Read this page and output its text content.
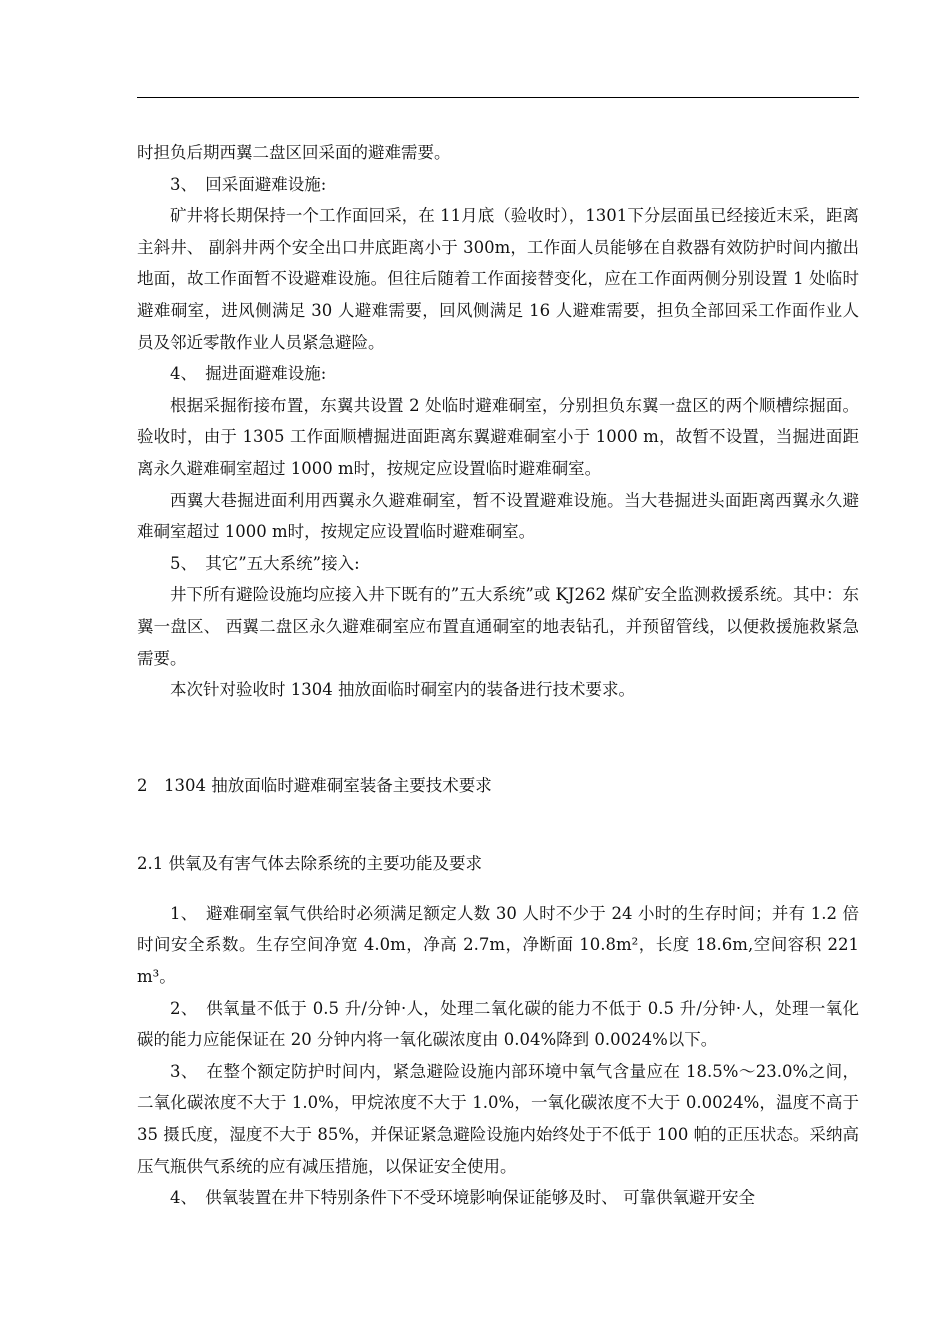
时担负后期西翼二盘区回采面的避难需要。

3、　回采面避难设施:

矿井将长期保持一个工作面回采，在 11月底（验收时），1301下分层面虽已经接近末采，距离主斜井、 副斜井两个安全出口井底距离小于 300m，工作面人员能够在自救器有效防护时间内撤出地面，故工作面暂不设避难设施。但往后随着工作面接替变化，应在工作面两侧分别设置 1 处临时避难硐室，进风侧满足 30 人避难需要，回风侧满足 16 人避难需要，担负全部回采工作面作业人员及邻近零散作业人员紧急避险。

4、　掘进面避难设施:

根据采掘衔接布置，东翼共设置 2 处临时避难硐室，分别担负东翼一盘区的两个顺槽综掘面。验收时，由于 1305 工作面顺槽掘进面距离东翼避难硐室小于 1000 m，故暂不设置，当掘进面距离永久避难硐室超过 1000 m时，按规定应设置临时避难硐室。

西翼大巷掘进面利用西翼永久避难硐室，暂不设置避难设施。当大巷掘进头面距离西翼永久避难硐室超过 1000 m时，按规定应设置临时避难硐室。

5、　其它”五大系统”接入:

井下所有避险设施均应接入井下既有的”五大系统”或 KJ262 煤矿安全监测救援系统。其中：东翼一盘区、 西翼二盘区永久避难硐室应布置直通硐室的地表钻孔，并预留管线，以便救援施救紧急需要。

本次针对验收时 1304 抽放面临时硐室内的装备进行技术要求。

2　1304 抽放面临时避难硐室装备主要技术要求

2.1 供氧及有害气体去除系统的主要功能及要求

1、　避难硐室氧气供给时必须满足额定人数 30 人时不少于 24 小时的生存时间；并有 1.2 倍时间安全系数。生存空间净宽 4.0m，净高 2.7m，净断面 10.8m²，长度 18.6m,空间容积 221 m³。

2、　供氧量不低于 0.5 升/分钟·人，处理二氧化碳的能力不低于 0.5 升/分钟·人，处理一氧化碳的能力应能保证在 20 分钟内将一氧化碳浓度由 0.04%降到 0.0024%以下。

3、　在整个额定防护时间内，紧急避险设施内部环境中氧气含量应在 18.5%～23.0%之间，二氧化碳浓度不大于 1.0%，甲烷浓度不大于 1.0%，一氧化碳浓度不大于 0.0024%，温度不高于 35 摄氏度，湿度不大于 85%，并保证紧急避险设施内始终处于不低于 100 帕的正压状态。采纳高压气瓶供气系统的应有减压措施，以保证安全使用。

4、　供氧装置在井下特别条件下不受环境影响保证能够及时、 可靠供氧避开安全
